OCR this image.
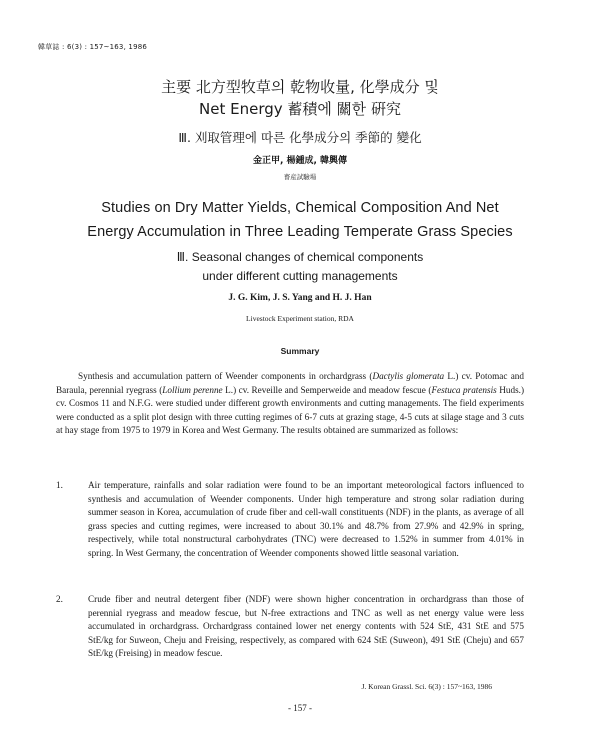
韓草誌 : 6(3) : 157~163, 1986
主要 北方型牧草의 乾物收量, 化學成分 및
Net Energy 蓄積에 關한 硏究
Ⅲ. 刈取管理에 따른 化學成分의 季節的 變化
金正甲, 楊鍾成, 韓興傳
畜産試驗場
Studies on Dry Matter Yields, Chemical Composition And Net
Energy Accumulation in Three Leading Temperate Grass Species
Ⅲ. Seasonal changes of chemical components
under different cutting managements
J. G. Kim, J. S. Yang and H. J. Han
Livestock Experiment station, RDA
Summary

Synthesis and accumulation pattern of Weender components in orchardgrass (Dactylis glomerata L.) cv. Potomac and Baraula, perennial ryegrass (Lollium perenne L.) cv. Reveille and Semperweide and meadow fescue (Festuca pratensis Huds.) cv. Cosmos 11 and N.F.G. were studied under different growth environments and cutting managements. The field experiments were conducted as a split plot design with three cutting regimes of 6-7 cuts at grazing stage, 4-5 cuts at silage stage and 3 cuts at hay stage from 1975 to 1979 in Korea and West Germany. The results obtained are summarized as follows:

1.	Air temperature, rainfalls and solar radiation were found to be an important meteorological factors influenced to synthesis and accumulation of Weender components. Under high temperature and strong solar radiation during summer season in Korea, accumulation of crude fiber and cell-wall constituents (NDF) in the plants, as average of all grass species and cutting regimes, were increased to about 30.1% and 48.7% from 27.9% and 42.9% in spring, respectively, while total nonstructural carbohydrates (TNC) were decreased to 1.52% in summer from 4.01% in spring. In West Germany, the concentration of Weender components showed little seasonal variation.
2.	Crude fiber and neutral detergent fiber (NDF) were shown higher concentration in orchardgrass than those of perennial ryegrass and meadow fescue, but N-free extractions and TNC as well as net energy value were less accumulated in orchardgrass. Orchardgrass contained lower net energy contents with 524 StE, 431 StE and 575 StE/kg for Suweon, Cheju and Freising, respectively, as compared with 624 StE (Suweon), 491 StE (Cheju) and 657 StE/kg (Freising) in meadow fescue.
J. Korean Grassl. Sci. 6(3) : 157~163, 1986
- 157 -
